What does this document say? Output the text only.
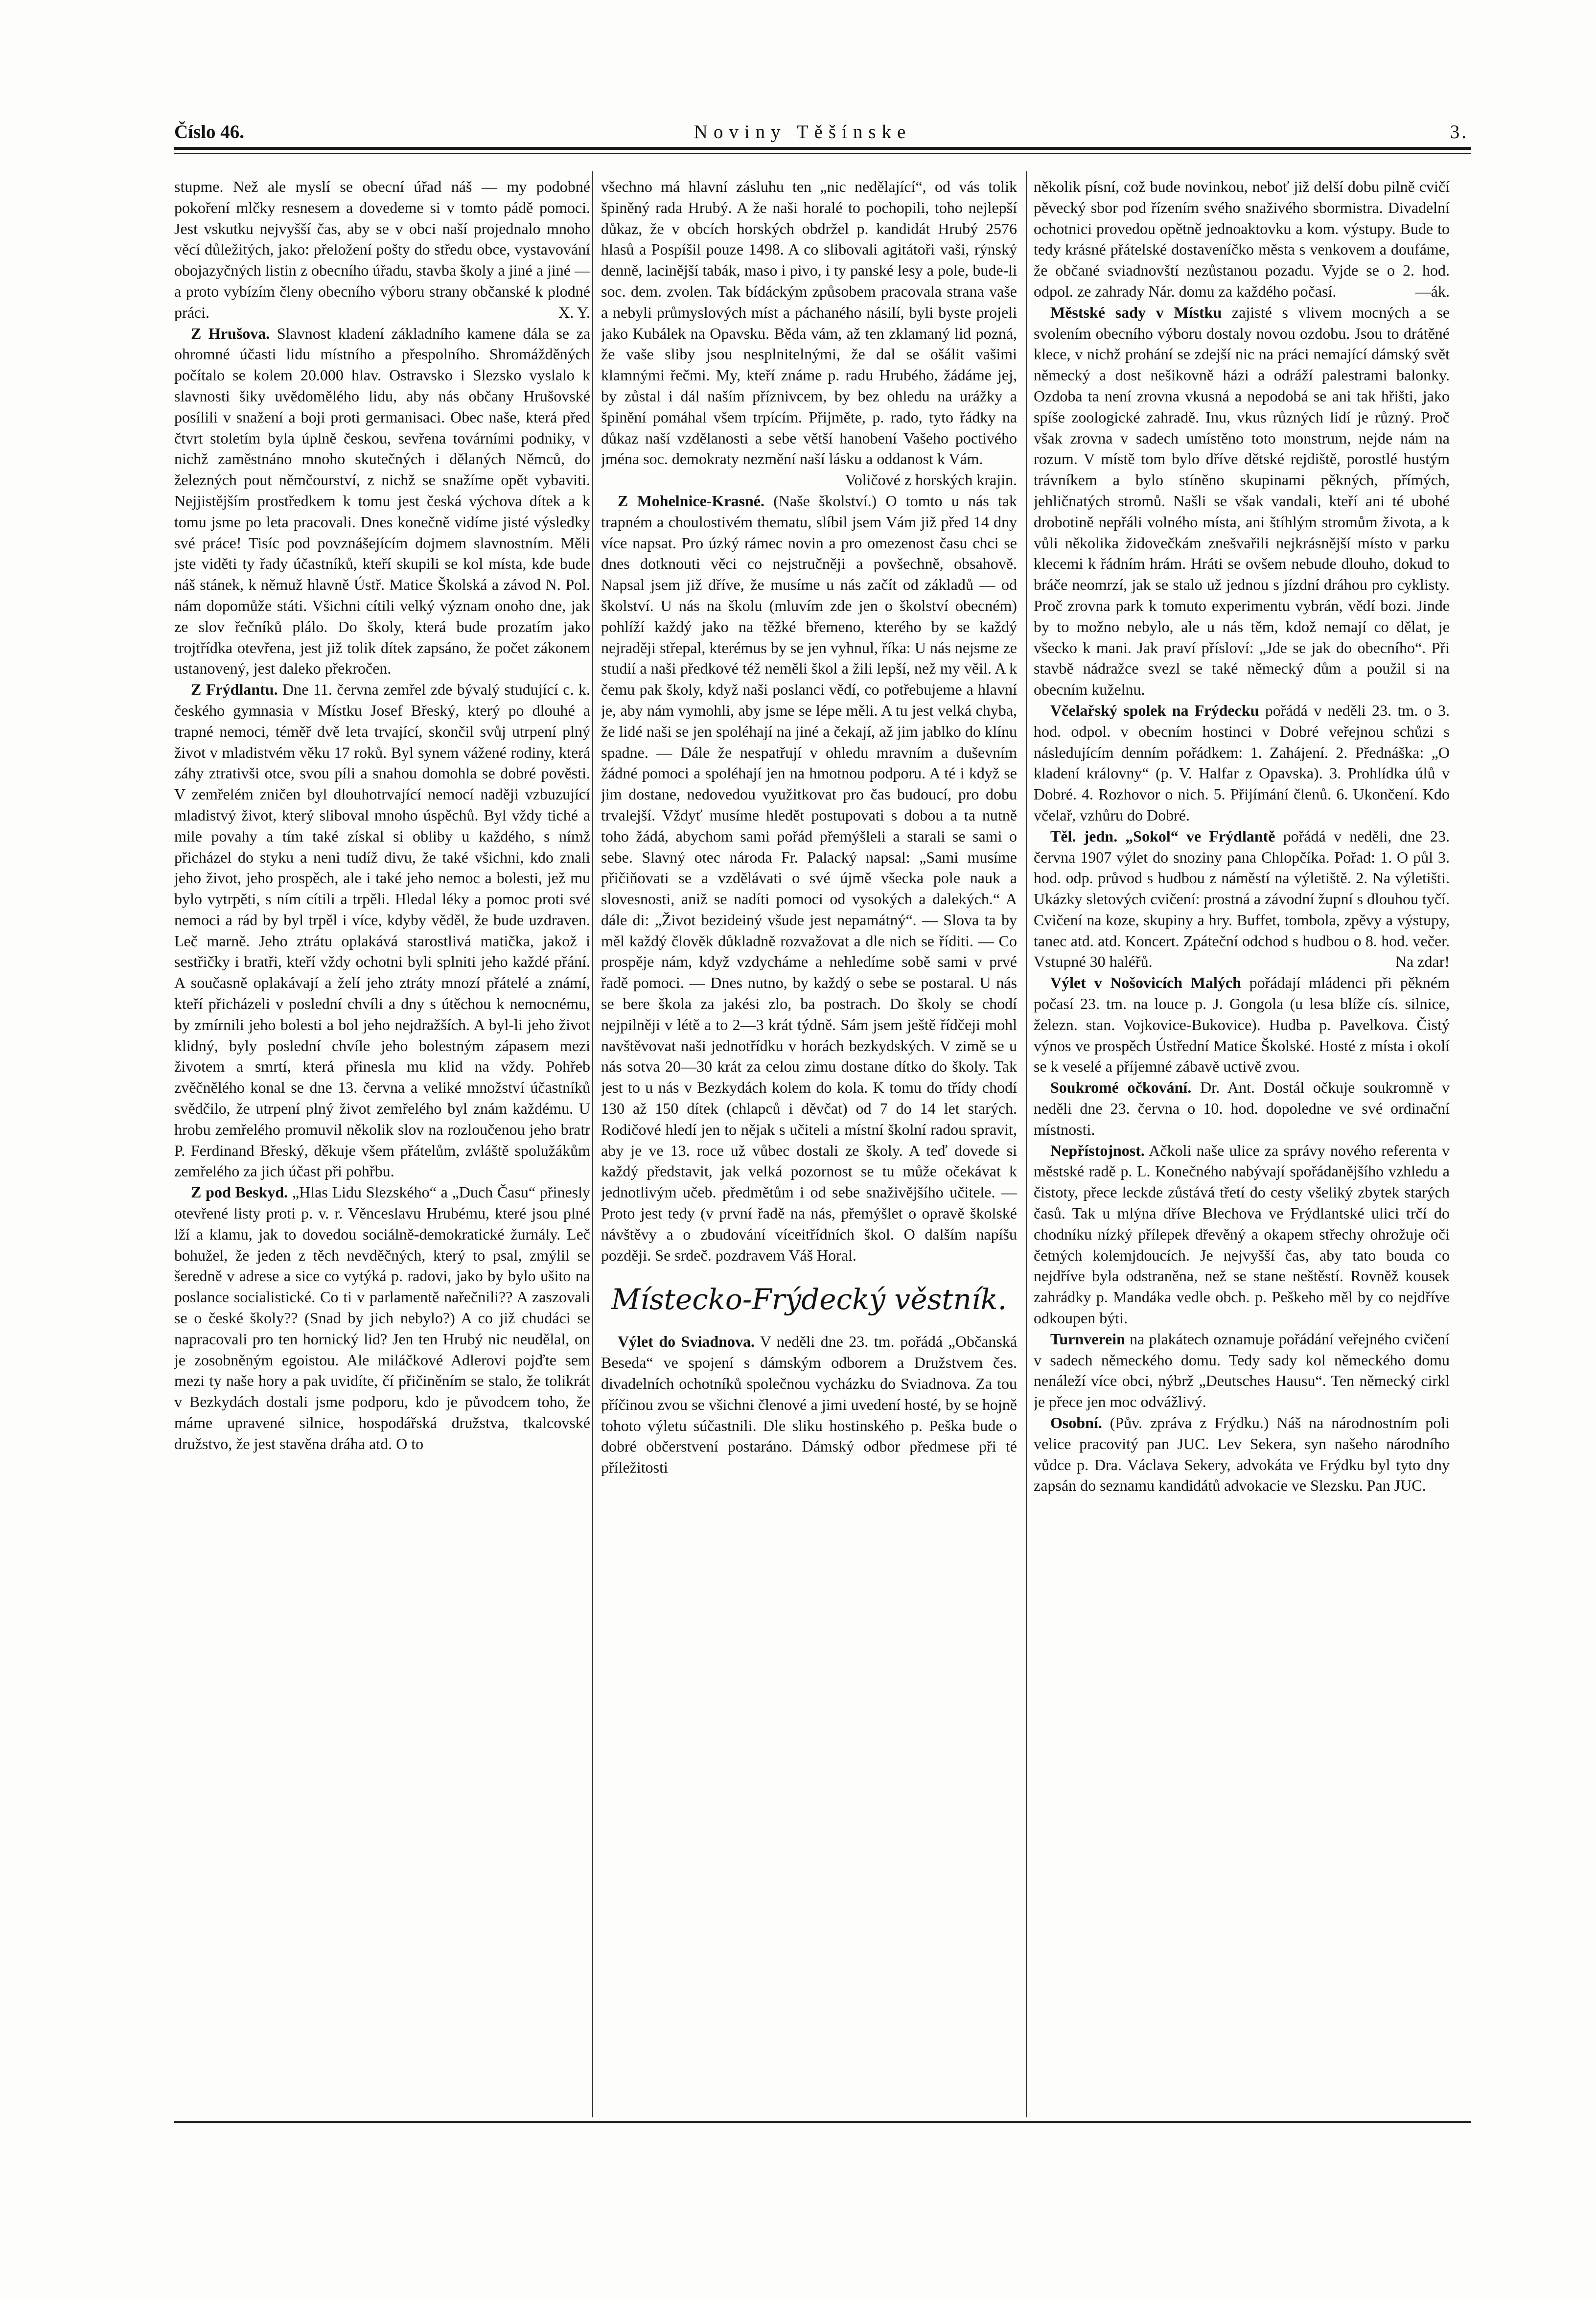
Číslo 46.	Noviny Těšínske	3.

stupme. Než ale myslí se obecní úřad náš — my podobné pokoření mlčky resnesem a dovedeme si v tomto pádě pomoci. Jest vskutku nejvyšší čas, aby se v obci naší projednalo mnoho věcí důležitých, jako: přeložení pošty do středu obce, vystavování obojazyčných listin z obecního úřadu, stavba školy a jiné a jiné — a proto vybízím členy obecního výboru strany občanské k plodné práci.	X. Y.

Z Hrušova. Slavnost kladení základního kamene dála se za ohromné účasti lidu místního a přespolního. Shromážděných počítalo se kolem 20.000 hlav. Ostravsko i Slezsko vyslalo k slavnosti šiky uvědomělého lidu, aby nás občany Hrušovské posílili v snažení a boji proti germanisaci. Obec naše, která před čtvrt stoletím byla úplně českou, sevřena továrními podniky, v nichž zaměstnáno mnoho skutečných i dělaných Němců, do železných pout němčourství, z nichž se snažíme opět vybaviti. Nejjistějším prostředkem k tomu jest česká výchova dítek a k tomu jsme po leta pracovali. Dnes konečně vidíme jisté výsledky své práce! Tisíc pod povznášejícím dojmem slavnostním. Měli jste viděti ty řady účastníků, kteří skupili se kol místa, kde bude náš stánek, k němuž hlavně Ústř. Matice Školská a závod N. Pol. nám dopomůže státi. Všichni cítili velký význam onoho dne, jak ze slov řečníků plálo. Do školy, která bude prozatím jako trojtřídka otevřena, jest již tolik dítek zapsáno, že počet zákonem ustanovený, jest daleko překročen.

Z Frýdlantu. Dne 11. června zemřel zde bývalý studující c. k. českého gymnasia v Místku Josef Břeský, který po dlouhé a trapné nemoci, téměř dvě leta trvající, skončil svůj utrpení plný život v mladistvém věku 17 roků. Byl synem vážené rodiny, která záhy ztrativši otce, svou píli a snahou domohla se dobré pověsti. V zemřelém zničen byl dlouhotrvající nemocí naději vzbuzující mladistvý život, který sliboval mnoho úspěchů. Byl vždy tiché a mile povahy a tím také získal si obliby u každého, s nímž přicházel do styku a neni tudíž divu, že také všichni, kdo znali jeho život, jeho prospěch, ale i také jeho nemoc a bolesti, jež mu bylo vytrpěti, s ním cítili a trpěli. Hledal léky a pomoc proti své nemoci a rád by byl trpěl i více, kdyby věděl, že bude uzdraven. Leč marně. Jeho ztrátu oplakává starostlivá matička, jakož i sestřičky i bratři, kteří vždy ochotni byli splniti jeho každé přání. A současně oplakávají a želí jeho ztráty mnozí přátelé a známí, kteří přicházeli v poslední chvíli a dny s útěchou k nemocnému, by zmírnili jeho bolesti a bol jeho nejdražších. A byl-li jeho život klidný, byly poslední chvíle jeho bolestným zápasem mezi životem a smrtí, která přinesla mu klid na vždy. Pohřeb zvěčnělého konal se dne 13. června a veliké množství účastníků svědčilo, že utrpení plný život zemřelého byl znám každému. U hrobu zemřelého promuvil několik slov na rozloučenou jeho bratr P. Ferdinand Břeský, děkuje všem přátelům, zvláště spolužákům zemřelého za jich účast při pohřbu.

Z pod Beskyd. „Hlas Lidu Slezského“ a „Duch Času“ přinesly otevřené listy proti p. v. r. Věnceslavu Hrubému, které jsou plné lží a klamu, jak to dovedou sociálně-demokratické žurnály. Leč bohužel, že jeden z těch nevděčných, který to psal, zmýlil se šeredně v adrese a sice co vytýká p. radovi, jako by bylo ušito na poslance socialistické. Co ti v parlamentě nařečnili?? A zaszovali se o české školy?? (Snad by jich nebylo?) A co již chudáci se napracovali pro ten hornický lid? Jen ten Hrubý nic neudělal, on je zosobněným egoistou. Ale miláčkové Adlerovi pojďte sem mezi ty naše hory a pak uvidíte, čí přičiněním se stalo, že tolikrát v Bezkydách dostali jsme podporu, kdo je původcem toho, že máme upravené silnice, hospodářská družstva, tkalcovské družstvo, že jest stavěna dráha atd. O to

všechno má hlavní zásluhu ten „nic nedělající“, od vás tolik špiněný rada Hrubý. A že naši horalé to pochopili, toho nejlepší důkaz, že v obcích horských obdržel p. kandidát Hrubý 2576 hlasů a Pospíšil pouze 1498. A co slibovali agitátoři vaši, rýnský denně, lacinější tabák, maso i pivo, i ty panské lesy a pole, bude-li soc. dem. zvolen. Tak bídáckým způsobem pracovala strana vaše a nebyli průmyslových míst a páchaného násilí, byli byste projeli jako Kubálek na Opavsku. Běda vám, až ten zklamaný lid pozná, že vaše sliby jsou nesplnitelnými, že dal se ošálit vašimi klamnými řečmi. My, kteří známe p. radu Hrubého, žádáme jej, by zůstal i dál naším příznivcem, by bez ohledu na urážky a špinění pomáhal všem trpícím. Přijměte, p. rado, tyto řádky na důkaz naší vzdělanosti a sebe větší hanobení Vašeho poctivého jména soc. demokraty nezmění naší lásku a oddanost k Vám.

Voličové z horských krajin.

Z Mohelnice-Krasné. (Naše školství.) O tomto u nás tak trapném a choulostivém thematu, slíbil jsem Vám již před 14 dny více napsat. Pro úzký rámec novin a pro omezenost času chci se dnes dotknouti věci co nejstručněji a povšechně, obsahově. Napsal jsem již dříve, že musíme u nás začít od základů — od školství. U nás na školu (mluvím zde jen o školství obecném) pohlíží každý jako na těžké břemeno, kterého by se každý nejraději střepal, kterémus by se jen vyhnul, říka: U nás nejsme ze studií a naši předkové též neměli škol a žili lepší, než my věil. A k čemu pak školy, když naši poslanci vědí, co potřebujeme a hlavní je, aby nám vymohli, aby jsme se lépe měli. A tu jest velká chyba, že lidé naši se jen spoléhají na jiné a čekají, až jim jablko do klínu spadne. — Dále že nespatřují v ohledu mravním a duševním žádné pomoci a spoléhají jen na hmotnou podporu. A té i když se jim dostane, nedovedou využitkovat pro čas budoucí, pro dobu trvalejší. Vždyť musíme hledět postupovati s dobou a ta nutně toho žádá, abychom sami pořád přemýšleli a starali se sami o sebe. Slavný otec národa Fr. Palacký napsal: „Sami musíme přičiňovati se a vzdělávati o své újmě všecka pole nauk a slovesnosti, aniž se nadíti pomoci od vysokých a dalekých.“ A dále di: „Život bezideiný všude jest nepamátný“. — Slova ta by měl každý člověk důkladně rozvažovat a dle nich se říditi. — Co prospěje nám, když vzdycháme a nehledíme sobě sami v prvé řadě pomoci. — Dnes nutno, by každý o sebe se postaral. U nás se bere škola za jakési zlo, ba postrach. Do školy se chodí nejpilněji v létě a to 2—3 krát týdně. Sám jsem ještě řídčeji mohl navštěvovat naši jednotřídku v horách bezkydských. V zimě se u nás sotva 20—30 krát za celou zimu dostane dítko do školy. Tak jest to u nás v Bezkydách kolem do kola. K tomu do třídy chodí 130 až 150 dítek (chlapců i děvčat) od 7 do 14 let starých. Rodičové hledí jen to nějak s učiteli a místní školní radou spravit, aby je ve 13. roce už vůbec dostali ze školy. A teď dovede si každý představit, jak velká pozornost se tu může očekávat k jednotlivým učeb. předmětům i od sebe snaživějšího učitele. — Proto jest tedy (v první řadě na nás, přemýšlet o opravě školské návštěvy a o zbudování víceitřídních škol. O dalším napíšu později. Se srdeč. pozdravem Váš Horal.

Místecko-Frýdecký věstník.

Výlet do Sviadnova. V neděli dne 23. tm. pořádá „Občanská Beseda“ ve spojení s dámským odborem a Družstvem čes. divadelních ochotníků společnou vycházku do Sviadnova. Za tou příčinou zvou se všichni členové a jimi uvedení hosté, by se hojně tohoto výletu súčastnili. Dle sliku hostinského p. Peška bude o dobré občerstvení postaráno. Dámský odbor předmese při té příležitosti

několik písní, což bude novinkou, neboť již delší dobu pilně cvičí pěvecký sbor pod řízením svého snaživého sbormistra. Divadelní ochotnici provedou opětně jednoaktovku a kom. výstupy. Bude to tedy krásné přátelské dostaveníčko města s venkovem a doufáme, že občané sviadnovští nezůstanou pozadu. Vyjde se o 2. hod. odpol. ze zahrady Nár. domu za každého počasí.	—ák.

Městské sady v Místku zajisté s vlivem mocných a se svolením obecního výboru dostaly novou ozdobu. Jsou to drátěné klece, v nichž prohání se zdejší nic na práci nemající dámský svět německý a dost nešikovně házi a odráží palestrami balonky. Ozdoba ta není zrovna vkusná a nepodobá se ani tak hřišti, jako spíše zoologické zahradě. Inu, vkus různých lidí je různý. Proč však zrovna v sadech umístěno toto monstrum, nejde nám na rozum. V místě tom bylo dříve dětské rejdiště, porostlé hustým trávníkem a bylo stíněno skupinami pěkných, přímých, jehličnatých stromů. Našli se však vandali, kteří ani té ubohé drobotině nepřáli volného místa, ani štíhlým stromům života, a k vůli několika židovečkám znešvařili nejkrásnější místo v parku klecemi k řádním hrám. Hráti se ovšem nebude dlouho, dokud to bráče neomrzí, jak se stalo už jednou s jízdní dráhou pro cyklisty. Proč zrovna park k tomuto experimentu vybrán, vědí bozi. Jinde by to možno nebylo, ale u nás těm, kdož nemají co dělat, je všecko k mani. Jak praví přísloví: „Jde se jak do obecního“. Při stavbě nádražce svezl se také německý dům a použil si na obecním kuželnu.

Včelařský spolek na Frýdecku pořádá v neděli 23. tm. o 3. hod. odpol. v obecním hostinci v Dobré veřejnou schůzi s následujícím denním pořádkem: 1. Zahájení. 2. Přednáška: „O kladení královny“ (p. V. Halfar z Opavska). 3. Prohlídka úlů v Dobré. 4. Rozhovor o nich. 5. Přijímání členů. 6. Ukončení. Kdo včelař, vzhůru do Dobré.

Těl. jedn. „Sokol“ ve Frýdlantě pořádá v neděli, dne 23. června 1907 výlet do snoziny pana Chlopčíka. Pořad: 1. O půl 3. hod. odp. průvod s hudbou z náměstí na výletiště. 2. Na výletišti. Ukázky sletových cvičení: prostná a závodní župní s dlouhou tyčí. Cvičení na koze, skupiny a hry. Buffet, tombola, zpěvy a výstupy, tanec atd. atd. Koncert. Zpáteční odchod s hudbou o 8. hod. večer. Vstupné 30 haléřů.	Na zdar!

Výlet v Nošovicích Malých pořádají mládenci při pěkném počasí 23. tm. na louce p. J. Gongola (u lesa blíže cís. silnice, železn. stan. Vojkovice-Bukovice). Hudba p. Pavelkova. Čistý výnos ve prospěch Ústřední Matice Školské. Hosté z místa i okolí se k veselé a příjemné zábavě uctivě zvou.

Soukromé očkování. Dr. Ant. Dostál očkuje soukromně v neděli dne 23. června o 10. hod. dopoledne ve své ordinační místnosti.

Nepřístojnost. Ačkoli naše ulice za správy nového referenta v městské radě p. L. Konečného nabývají spořádanějšího vzhledu a čistoty, přece leckde zůstává třetí do cesty všeliký zbytek starých časů. Tak u mlýna dříve Blechova ve Frýdlantské ulici trčí do chodníku nízký přílepek dřevěný a okapem střechy ohrožuje oči četných kolemjdoucích. Je nejvyšší čas, aby tato bouda co nejdříve byla odstraněna, než se stane neštěstí. Rovněž kousek zahrádky p. Mandáka vedle obch. p. Peškeho měl by co nejdříve odkoupen býti.

Turnverein na plakátech oznamuje pořádání veřejného cvičení v sadech německého domu. Tedy sady kol německého domu nenáleží více obci, nýbrž „Deutsches Hausu“. Ten německý cirkl je přece jen moc odvážlivý.

Osobní. (Pův. zpráva z Frýdku.) Náš na národnostním poli velice pracovitý pan JUC. Lev Sekera, syn našeho národního vůdce p. Dra. Václava Sekery, advokáta ve Frýdku byl tyto dny zapsán do seznamu kandidátů advokacie ve Slezsku. Pan JUC.
